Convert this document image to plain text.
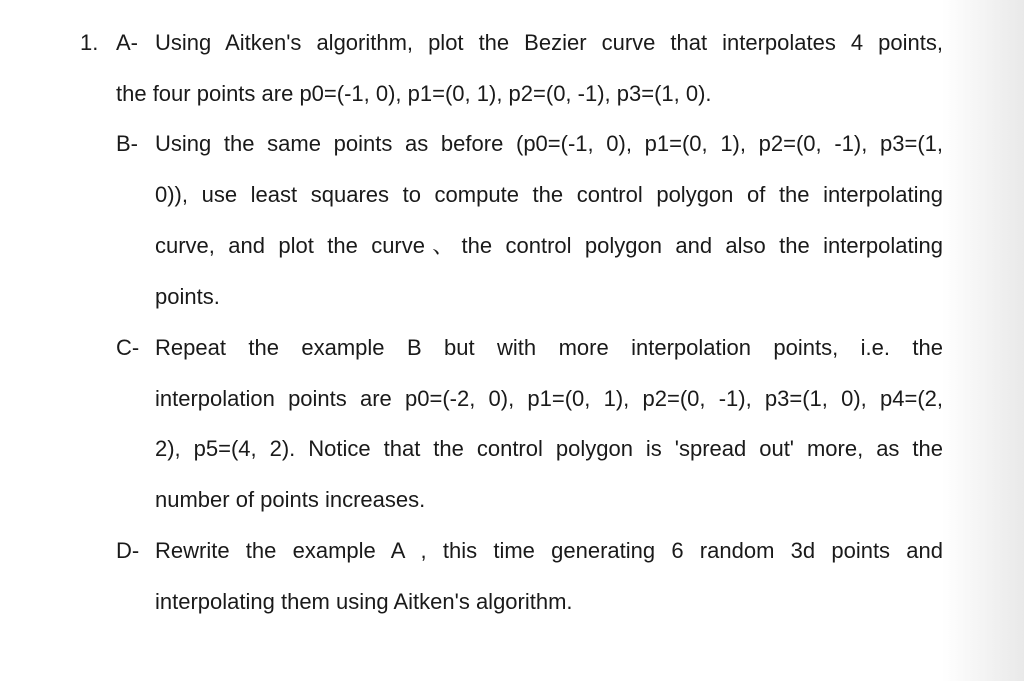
1. A- Using Aitken's algorithm, plot the Bezier curve that interpolates 4 points,
the four points are p0=(-1, 0), p1=(0, 1), p2=(0, -1), p3=(1, 0).
B- Using the same points as before (p0=(-1, 0), p1=(0, 1), p2=(0, -1), p3=(1,
0)), use least squares to compute the control polygon of the interpolating
curve, and plot the curve、the control polygon and also the interpolating
points.
C- Repeat the example B but with more interpolation points, i.e. the
interpolation points are p0=(-2, 0), p1=(0, 1), p2=(0, -1), p3=(1, 0), p4=(2,
2), p5=(4, 2). Notice that the control polygon is 'spread out' more, as the
number of points increases.
D- Rewrite the example A , this time generating 6 random 3d points and
interpolating them using Aitken's algorithm.
